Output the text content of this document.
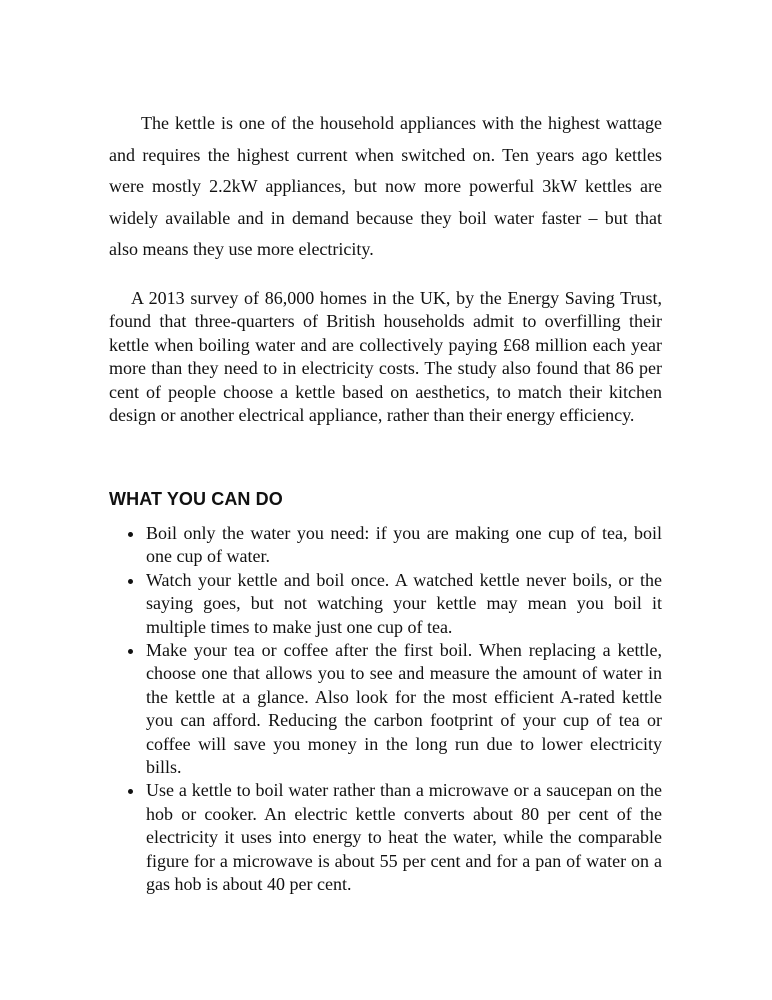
The kettle is one of the household appliances with the highest wattage and requires the highest current when switched on. Ten years ago kettles were mostly 2.2kW appliances, but now more powerful 3kW kettles are widely available and in demand because they boil water faster – but that also means they use more electricity.

A 2013 survey of 86,000 homes in the UK, by the Energy Saving Trust, found that three-quarters of British households admit to overfilling their kettle when boiling water and are collectively paying £68 million each year more than they need to in electricity costs. The study also found that 86 per cent of people choose a kettle based on aesthetics, to match their kitchen design or another electrical appliance, rather than their energy efficiency.

WHAT YOU CAN DO
Boil only the water you need: if you are making one cup of tea, boil one cup of water.
Watch your kettle and boil once. A watched kettle never boils, or the saying goes, but not watching your kettle may mean you boil it multiple times to make just one cup of tea.
Make your tea or coffee after the first boil. When replacing a kettle, choose one that allows you to see and measure the amount of water in the kettle at a glance. Also look for the most efficient A-rated kettle you can afford. Reducing the carbon footprint of your cup of tea or coffee will save you money in the long run due to lower electricity bills.
Use a kettle to boil water rather than a microwave or a saucepan on the hob or cooker. An electric kettle converts about 80 per cent of the electricity it uses into energy to heat the water, while the comparable figure for a microwave is about 55 per cent and for a pan of water on a gas hob is about 40 per cent.
